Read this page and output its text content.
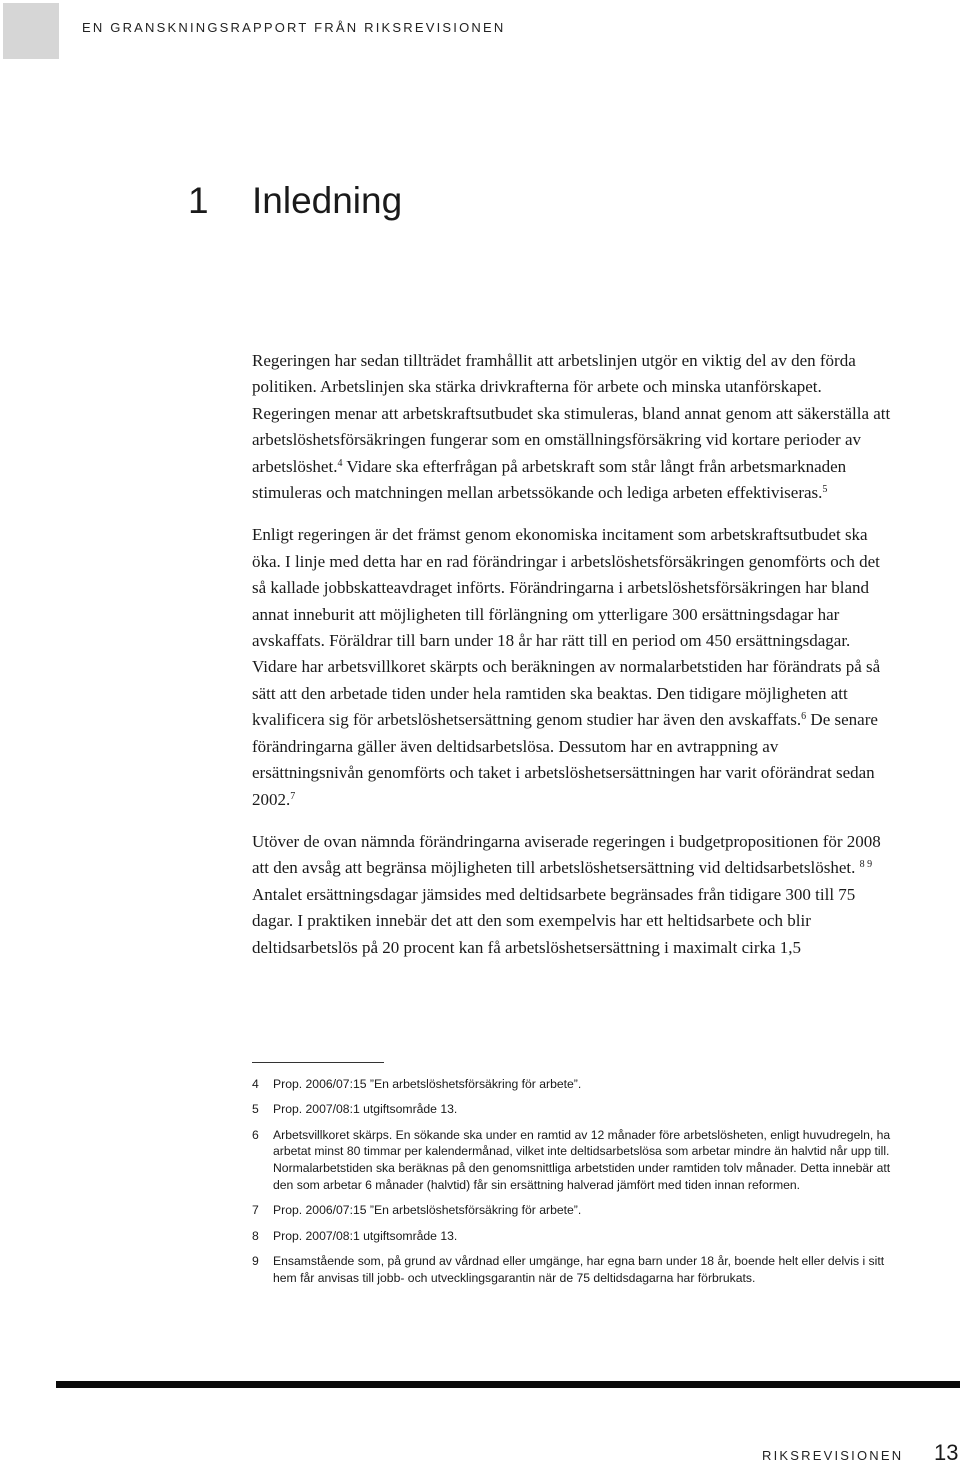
EN GRANSKNINGSRAPPORT FRÅN RIKSREVISIONEN
1 Inledning

Regeringen har sedan tillträdet framhållit att arbetslinjen utgör en viktig del av den förda politiken. Arbetslinjen ska stärka drivkrafterna för arbete och minska utanförskapet. Regeringen menar att arbetskraftsutbudet ska stimuleras, bland annat genom att säkerställa att arbetslöshetsförsäkringen fungerar som en omställningsförsäkring vid kortare perioder av arbetslöshet.$^4$ Vidare ska efterfrågan på arbetskraft som står långt från arbetsmarknaden stimuleras och matchningen mellan arbetssökande och lediga arbeten effektiviseras.$^5$

Enligt regeringen är det främst genom ekonomiska incitament som arbetskraftsutbudet ska öka. I linje med detta har en rad förändringar i arbetslöshetsförsäkringen genomförts och det så kallade jobbskatteavdraget införts. Förändringarna i arbetslöshetsförsäkringen har bland annat inneburit att möjligheten till förlängning om ytterligare 300 ersättningsdagar har avskaffats. Föräldrar till barn under 18 år har rätt till en period om 450 ersättningsdagar. Vidare har arbetsvillkoret skärpts och beräkningen av normalarbetstiden har förändrats på så sätt att den arbetade tiden under hela ramtiden ska beaktas. Den tidigare möjligheten att kvalificera sig för arbetslöshetsersättning genom studier har även den avskaffats.$^6$ De senare förändringarna gäller även deltidsarbetslösa. Dessutom har en avtrappning av ersättningsnivån genomförts och taket i arbetslöshetsersättningen har varit oförändrat sedan 2002.$^7$

Utöver de ovan nämnda förändringarna aviserade regeringen i budgetpropositionen för 2008 att den avsåg att begränsa möjligheten till arbetslöshetsersättning vid deltidsarbetslöshet. $^{8 9}$ Antalet ersättningsdagar jämsides med deltidsarbete begränsades från tidigare 300 till 75 dagar. I praktiken innebär det att den som exempelvis har ett heltidsarbete och blir deltidsarbetslös på 20 procent kan få arbetslöshetsersättning i maximalt cirka 1,5

4	Prop. 2006/07:15 ”En arbetslöshetsförsäkring för arbete”.
5	Prop. 2007/08:1 utgiftsområde 13.
6	Arbetsvillkoret skärps. En sökande ska under en ramtid av 12 månader före arbetslösheten, enligt huvudregeln, ha arbetat minst 80 timmar per kalendermånad, vilket inte deltidsarbetslösa som arbetar mindre än halvtid når upp till. Normalarbetstiden ska beräknas på den genomsnittliga arbetstiden under ramtiden tolv månader. Detta innebär att den som arbetar 6 månader (halvtid) får sin ersättning halverad jämfört med tiden innan reformen.
7	Prop. 2006/07:15 ”En arbetslöshetsförsäkring för arbete”.
8	Prop. 2007/08:1 utgiftsområde 13.
9	Ensamstående som, på grund av vårdnad eller umgänge, har egna barn under 18 år, boende helt eller delvis i sitt hem får anvisas till jobb- och utvecklingsgarantin när de 75 deltidsdagarna har förbrukats.
RIKSREVISIONEN 13
